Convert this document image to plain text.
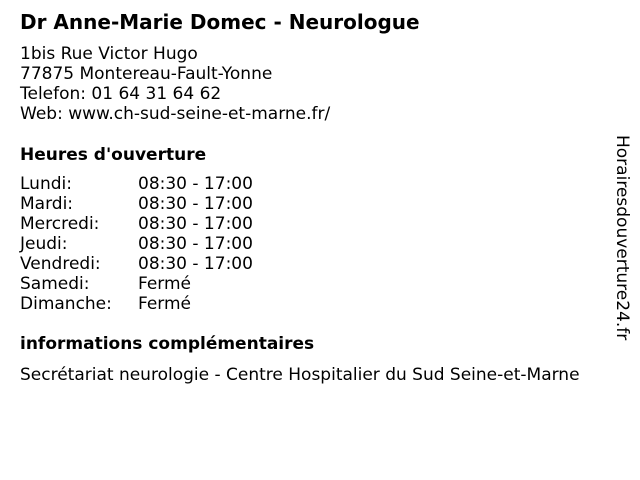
Dr Anne-Marie Domec - Neurologue
1bis Rue Victor Hugo
77875 Montereau-Fault-Yonne
Telefon: 01 64 31 64 62
Web: www.ch-sud-seine-et-marne.fr/
Heures d'ouverture
Lundi:	08:30 - 17:00
Mardi:	08:30 - 17:00
Mercredi:	08:30 - 17:00
Jeudi:	08:30 - 17:00
Vendredi:	08:30 - 17:00
Samedi:	Fermé
Dimanche:	Fermé
informations complémentaires
Secrétariat neurologie - Centre Hospitalier du Sud Seine-et-Marne
Horairesdouverture24.fr
